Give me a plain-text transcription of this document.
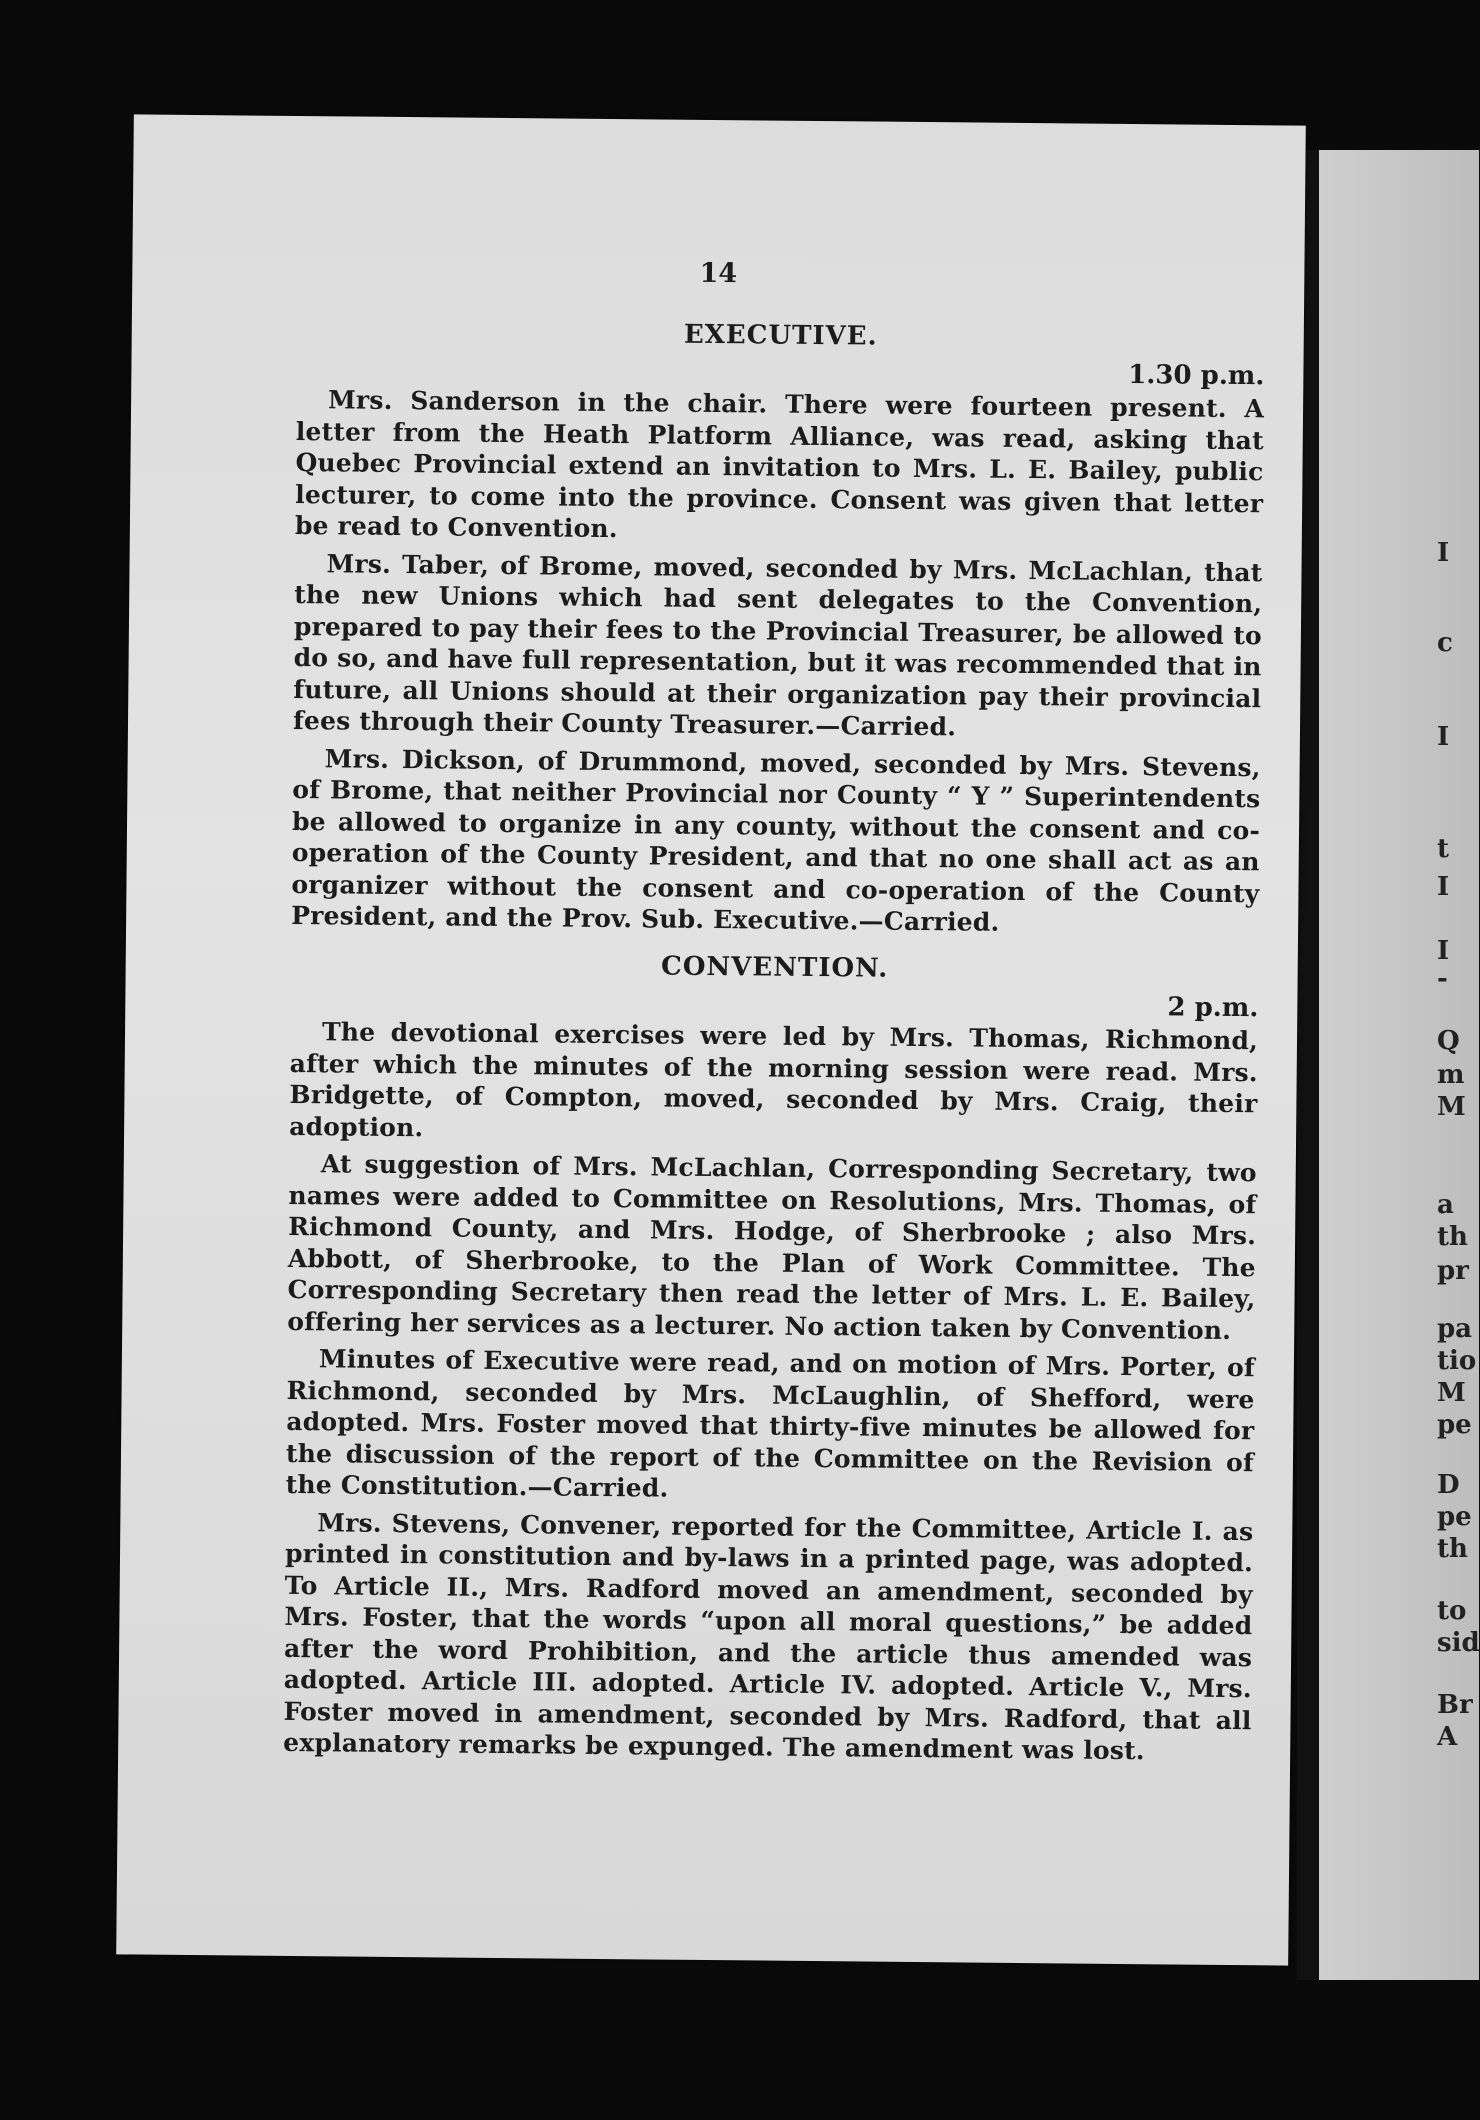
I
c
I
t
I
I
-
Q
m
M
a
th
pr
pa
tio
M
pe
D
pe
th
to
sid
Br
A
14
EXECUTIVE.
1.30 p.m.

Mrs. Sanderson in the chair. There were fourteen present. A letter from the Heath Platform Alliance, was read, asking that Quebec Provincial extend an invitation to Mrs. L. E. Bailey, public lecturer, to come into the province. Consent was given that letter be read to Convention.

Mrs. Taber, of Brome, moved, seconded by Mrs. McLachlan, that the new Unions which had sent delegates to the Convention, prepared to pay their fees to the Provincial Treasurer, be allowed to do so, and have full representation, but it was recommended that in future, all Unions should at their organization pay their provincial fees through their County Treasurer.—Carried.

Mrs. Dickson, of Drummond, moved, seconded by Mrs. Stevens, of Brome, that neither Provincial nor County “ Y ” Superintendents be allowed to organize in any county, without the consent and co-operation of the County President, and that no one shall act as an organizer without the consent and co-operation of the County President, and the Prov. Sub. Executive.—Carried.

CONVENTION.
2 p.m.

The devotional exercises were led by Mrs. Thomas, Richmond, after which the minutes of the morning session were read. Mrs. Bridgette, of Compton, moved, seconded by Mrs. Craig, their adoption.

At suggestion of Mrs. McLachlan, Corresponding Secretary, two names were added to Committee on Resolutions, Mrs. Thomas, of Richmond County, and Mrs. Hodge, of Sherbrooke ; also Mrs. Abbott, of Sherbrooke, to the Plan of Work Committee. The Corresponding Secretary then read the letter of Mrs. L. E. Bailey, offering her services as a lecturer. No action taken by Convention.

Minutes of Executive were read, and on motion of Mrs. Porter, of Richmond, seconded by Mrs. McLaughlin, of Shefford, were adopted. Mrs. Foster moved that thirty-five minutes be allowed for the discussion of the report of the Committee on the Revision of the Constitution.—Carried.

Mrs. Stevens, Convener, reported for the Committee, Article I. as printed in constitution and by-laws in a printed page, was adopted. To Article II., Mrs. Radford moved an amendment, seconded by Mrs. Foster, that the words “upon all moral questions,” be added after the word Prohibition, and the article thus amended was adopted. Article III. adopted. Article IV. adopted. Article V., Mrs. Foster moved in amendment, seconded by Mrs. Radford, that all explanatory remarks be expunged. The amendment was lost.
